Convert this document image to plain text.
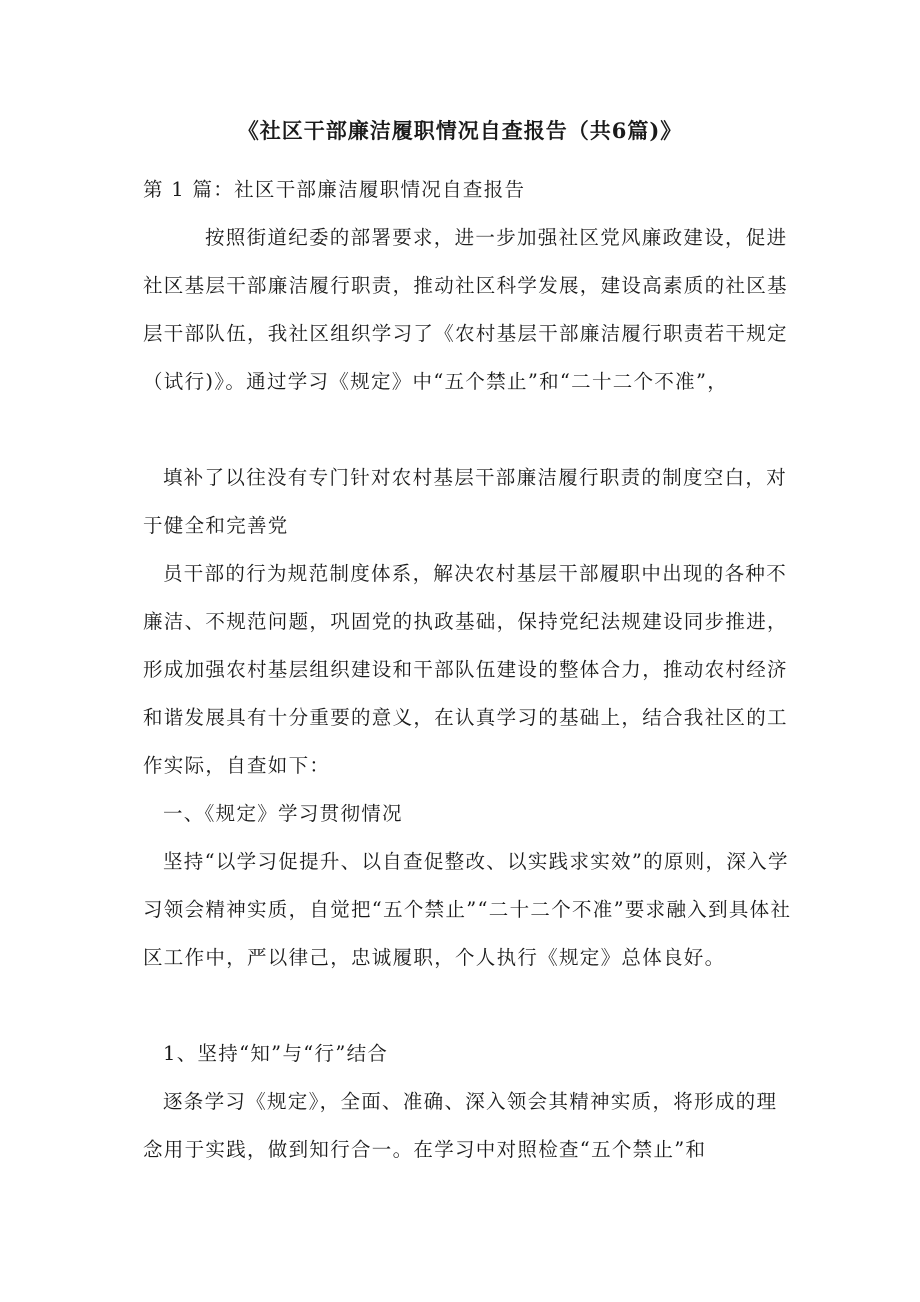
《社区干部廉洁履职情况自查报告（共6篇)》

第 1 篇：社区干部廉洁履职情况自查报告

按照街道纪委的部署要求，进一步加强社区党风廉政建设，促进社区基层干部廉洁履行职责，推动社区科学发展，建设高素质的社区基层干部队伍，我社区组织学习了《农村基层干部廉洁履行职责若干规定（试行)》。通过学习《规定》中“五个禁止”和“二十二个不准”，

填补了以往没有专门针对农村基层干部廉洁履行职责的制度空白，对于健全和完善党

员干部的行为规范制度体系，解决农村基层干部履职中出现的各种不廉洁、不规范问题，巩固党的执政基础，保持党纪法规建设同步推进，形成加强农村基层组织建设和干部队伍建设的整体合力，推动农村经济和谐发展具有十分重要的意义，在认真学习的基础上，结合我社区的工作实际，自查如下：

一、《规定》学习贯彻情况

坚持“以学习促提升、以自查促整改、以实践求实效”的原则，深入学习领会精神实质，自觉把“五个禁止”“二十二个不准”要求融入到具体社区工作中，严以律己，忠诚履职，个人执行《规定》总体良好。

1、坚持“知”与“行”结合

逐条学习《规定》，全面、准确、深入领会其精神实质，将形成的理念用于实践，做到知行合一。在学习中对照检查“五个禁止”和
